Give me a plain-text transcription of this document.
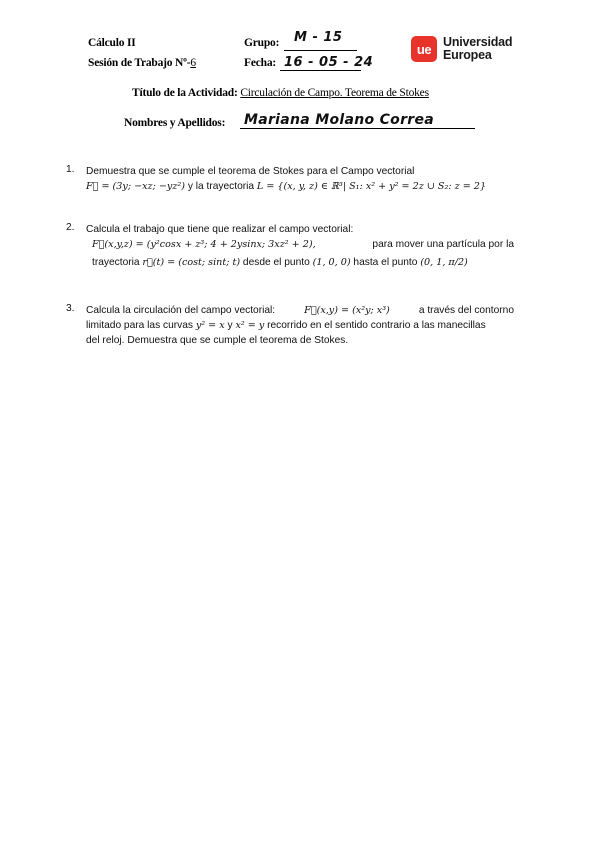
Cálculo II
Sesión de Trabajo Nº-6
Grupo: M - 15
Fecha: 16 - 05 - 24
ue Universidad
Europea
Título de la Actividad: Circulación de Campo. Teorema de Stokes
Nombres y Apellidos: Mariana Molano Correa
1. Demuestra que se cumple el teorema de Stokes para el Campo vectorial
F⃗ = (3y; −xz; −yz²) y la trayectoria L = {(x, y, z) ∈ ℝ³| S₁: x² + y² = 2z ∪ S₂: z = 2}
2. Calcula el trabajo que tiene que realizar el campo vectorial:
F⃗(x,y,z) = (y²cosx + z³; 4 + 2ysinx; 3xz² + 2),	para mover una partícula por la
trayectoria r⃗(t) = (cost; sint; t) desde el punto (1, 0, 0) hasta el punto (0, 1, π/2)
3. Calcula la circulación del campo vectorial:	F⃗(x,y) = (x²y; x³)	a través del contorno
limitado para las curvas y² = x y x² = y recorrido en el sentido contrario a las manecillas
del reloj. Demuestra que se cumple el teorema de Stokes.
